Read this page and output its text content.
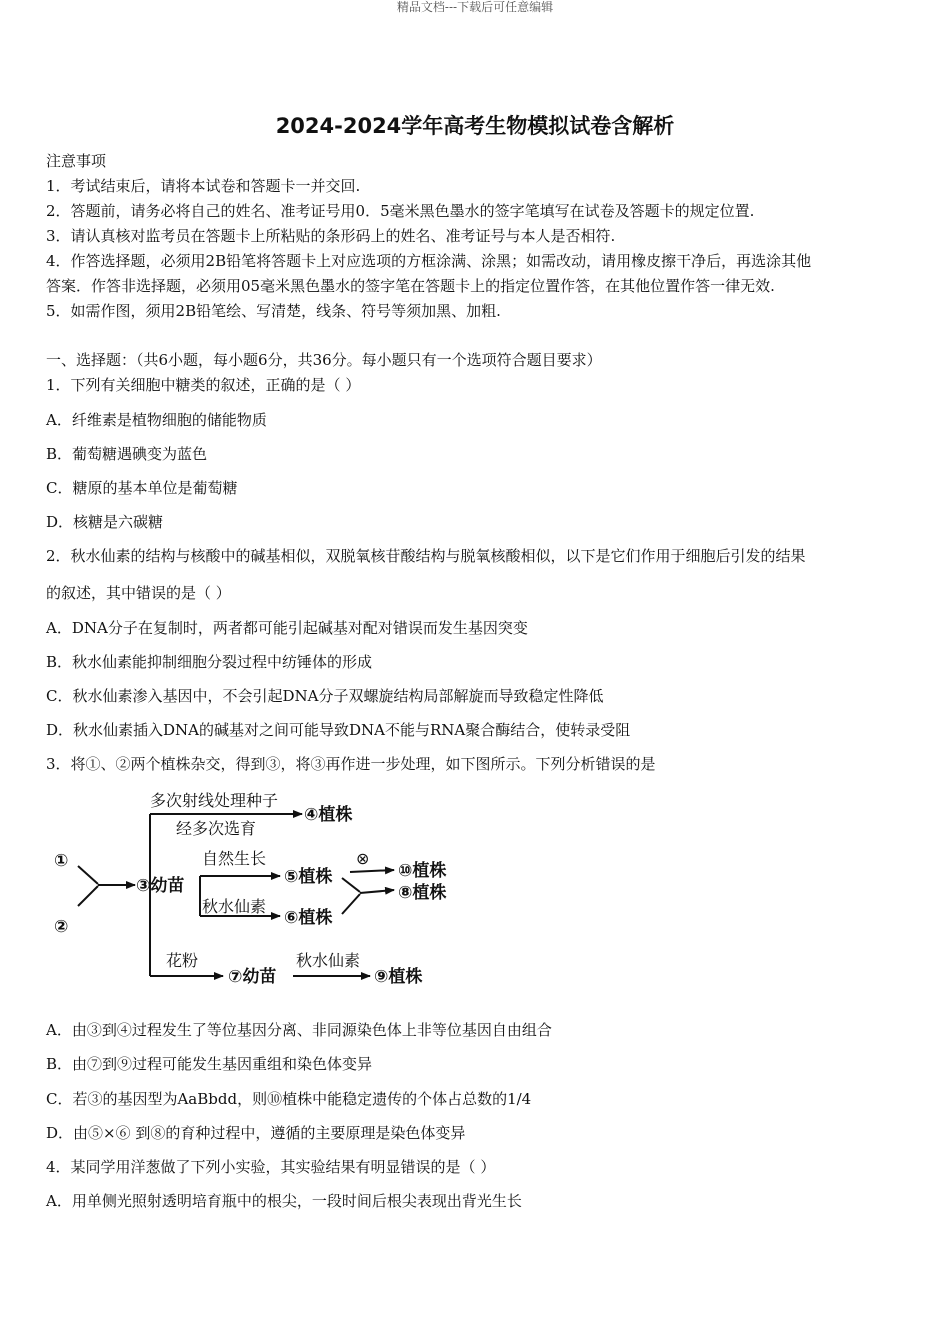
精品文档---下载后可任意编辑
2024-2024学年高考生物模拟试卷含解析
注意事项
1．考试结束后，请将本试卷和答题卡一并交回.
2．答题前，请务必将自己的姓名、准考证号用0．5毫米黑色墨水的签字笔填写在试卷及答题卡的规定位置.
3．请认真核对监考员在答题卡上所粘贴的条形码上的姓名、准考证号与本人是否相符.
4．作答选择题，必须用2B铅笔将答题卡上对应选项的方框涂满、涂黑；如需改动，请用橡皮擦干净后，再选涂其他
答案．作答非选择题，必须用05毫米黑色墨水的签字笔在答题卡上的指定位置作答，在其他位置作答一律无效.
5．如需作图，须用2B铅笔绘、写清楚，线条、符号等须加黑、加粗.
一、选择题：（共6小题，每小题6分，共36分。每小题只有一个选项符合题目要求）
1．下列有关细胞中糖类的叙述，正确的是（ ）
A．纤维素是植物细胞的储能物质
B．葡萄糖遇碘变为蓝色
C．糖原的基本单位是葡萄糖
D．核糖是六碳糖
2．秋水仙素的结构与核酸中的碱基相似，双脱氧核苷酸结构与脱氧核酸相似，以下是它们作用于细胞后引发的结果
的叙述，其中错误的是（ ）
A．DNA分子在复制时，两者都可能引起碱基对配对错误而发生基因突变
B．秋水仙素能抑制细胞分裂过程中纺锤体的形成
C．秋水仙素渗入基因中，不会引起DNA分子双螺旋结构局部解旋而导致稳定性降低
D．秋水仙素插入DNA的碱基对之间可能导致DNA不能与RNA聚合酶结合，使转录受阻
3．将①、②两个植株杂交，得到③，将③再作进一步处理，如下图所示。下列分析错误的是
①
②
③幼苗
多次射线处理种子
经多次选育
④植株
自然生长
⑤植株
⊗
⑩植株
秋水仙素
⑥植株
⑧植株
花粉
⑦幼苗
秋水仙素
⑨植株
A．由③到④过程发生了等位基因分离、非同源染色体上非等位基因自由组合
B．由⑦到⑨过程可能发生基因重组和染色体变异
C．若③的基因型为AaBbdd，则⑩植株中能稳定遗传的个体占总数的1/4
D．由⑤×⑥ 到⑧的育种过程中，遵循的主要原理是染色体变异
4．某同学用洋葱做了下列小实验，其实验结果有明显错误的是（ ）
A．用单侧光照射透明培育瓶中的根尖，一段时间后根尖表现出背光生长
